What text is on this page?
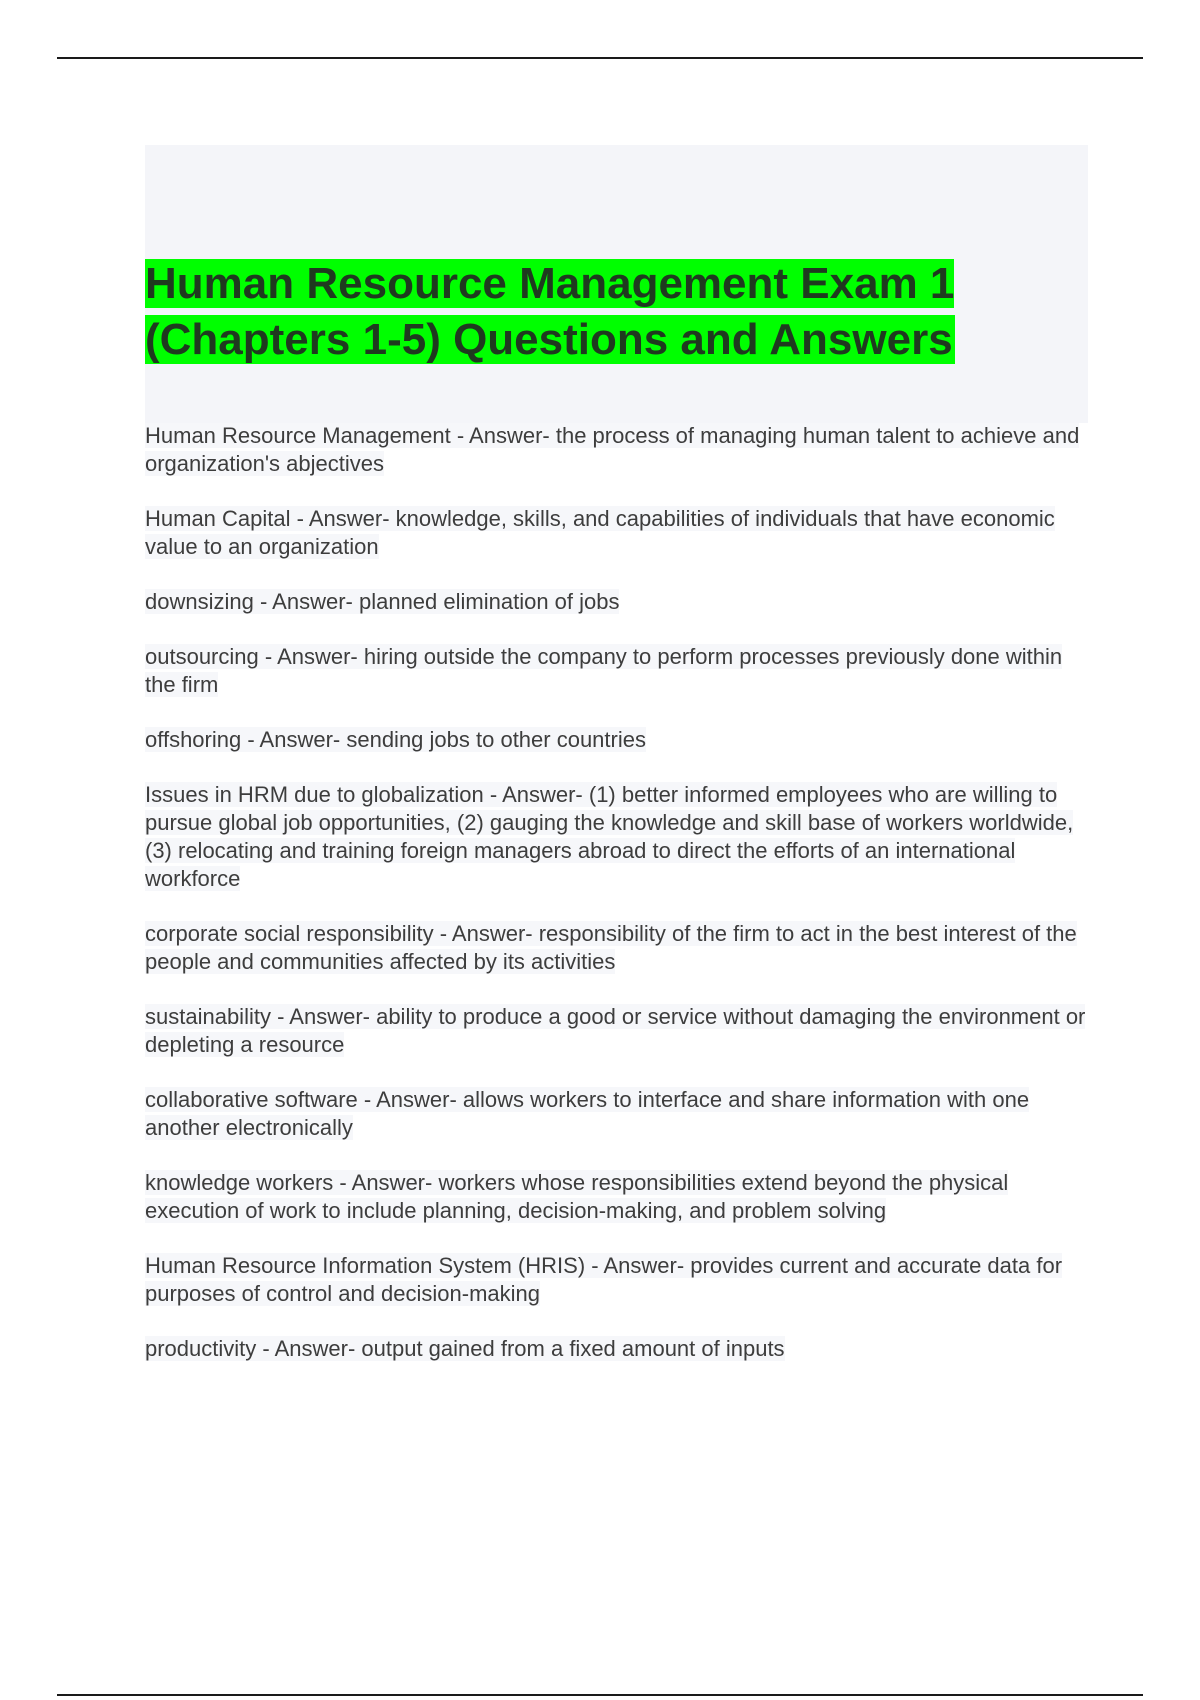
Human Resource Management Exam 1 (Chapters 1-5) Questions and Answers
Human Resource Management - Answer- the process of managing human talent to achieve and organization's abjectives
Human Capital - Answer- knowledge, skills, and capabilities of individuals that have economic value to an organization
downsizing - Answer- planned elimination of jobs
outsourcing - Answer- hiring outside the company to perform processes previously done within the firm
offshoring - Answer- sending jobs to other countries
Issues in HRM due to globalization - Answer- (1) better informed employees who are willing to pursue global job opportunities, (2) gauging the knowledge and skill base of workers worldwide, (3) relocating and training foreign managers abroad to direct the efforts of an international workforce
corporate social responsibility - Answer- responsibility of the firm to act in the best interest of the people and communities affected by its activities
sustainability - Answer- ability to produce a good or service without damaging the environment or depleting a resource
collaborative software - Answer- allows workers to interface and share information with one another electronically
knowledge workers - Answer- workers whose responsibilities extend beyond the physical execution of work to include planning, decision-making, and problem solving
Human Resource Information System (HRIS) - Answer- provides current and accurate data for purposes of control and decision-making
productivity - Answer- output gained from a fixed amount of inputs
